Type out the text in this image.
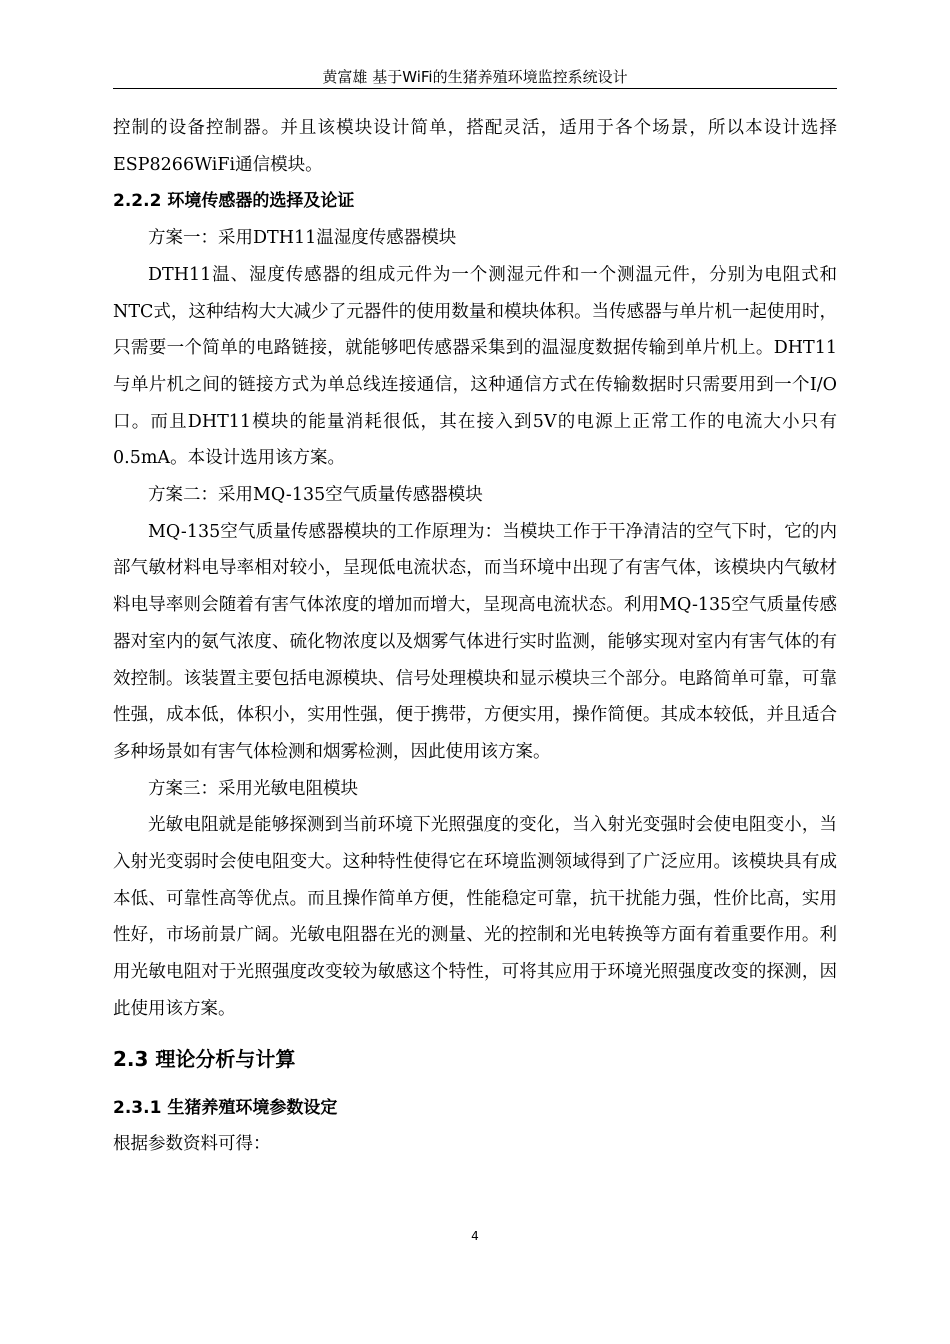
黄富雄 基于WiFi的生猪养殖环境监控系统设计

控制的设备控制器。并且该模块设计简单，搭配灵活，适用于各个场景，所以本设计选择ESP8266WiFi通信模块。

2.2.2 环境传感器的选择及论证

方案一：采用DTH11温湿度传感器模块

DTH11温、湿度传感器的组成元件为一个测湿元件和一个测温元件，分别为电阻式和NTC式，这种结构大大减少了元器件的使用数量和模块体积。当传感器与单片机一起使用时，只需要一个简单的电路链接，就能够吧传感器采集到的温湿度数据传输到单片机上。DHT11与单片机之间的链接方式为单总线连接通信，这种通信方式在传输数据时只需要用到一个I/O口。而且DHT11模块的能量消耗很低，其在接入到5V的电源上正常工作的电流大小只有0.5mA。本设计选用该方案。

方案二：采用MQ-135空气质量传感器模块

MQ-135空气质量传感器模块的工作原理为：当模块工作于干净清洁的空气下时，它的内部气敏材料电导率相对较小，呈现低电流状态，而当环境中出现了有害气体，该模块内气敏材料电导率则会随着有害气体浓度的增加而增大，呈现高电流状态。利用MQ-135空气质量传感器对室内的氨气浓度、硫化物浓度以及烟雾气体进行实时监测，能够实现对室内有害气体的有效控制。该装置主要包括电源模块、信号处理模块和显示模块三个部分。电路简单可靠，可靠性强，成本低，体积小，实用性强，便于携带，方便实用，操作简便。其成本较低，并且适合多种场景如有害气体检测和烟雾检测，因此使用该方案。

方案三：采用光敏电阻模块

光敏电阻就是能够探测到当前环境下光照强度的变化，当入射光变强时会使电阻变小，当入射光变弱时会使电阻变大。这种特性使得它在环境监测领域得到了广泛应用。该模块具有成本低、可靠性高等优点。而且操作简单方便，性能稳定可靠，抗干扰能力强，性价比高，实用性好，市场前景广阔。光敏电阻器在光的测量、光的控制和光电转换等方面有着重要作用。利用光敏电阻对于光照强度改变较为敏感这个特性，可将其应用于环境光照强度改变的探测，因此使用该方案。

2.3 理论分析与计算
2.3.1 生猪养殖环境参数设定

根据参数资料可得：

4
